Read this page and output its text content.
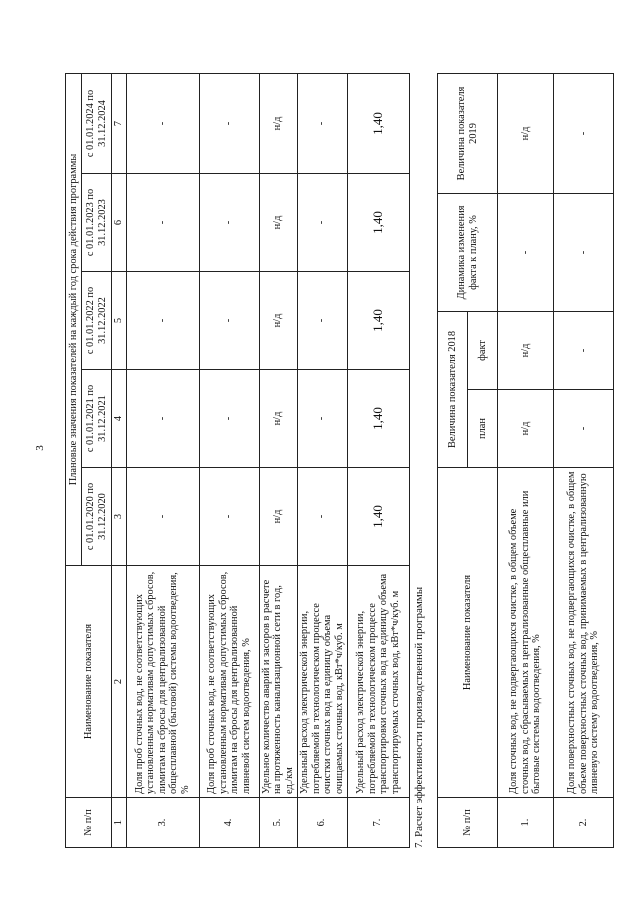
3
№ п/п	Наименование показателя	Плановые значения показателей на каждый год срока действия программы				
		с 01.01.2020 по 31.12.2020	с 01.01.2021 по 31.12.2021	с 01.01.2022 по 31.12.2022	с 01.01.2023 по 31.12.2023	с 01.01.2024 по 31.12.2024
1	2	3	4	5	6	7
3.	Доля проб сточных вод, не соответствующих установленным нормативам допустимых сбросов, лимитам на сбросы для централизованной общесплавной (бытовой) системы водоотведения, %	-	-	-	-	-
4.	Доля проб сточных вод, не соответствующих установленным нормативам допустимых сбросов, лимитам на сбросы для централизованной ливневой систем водоотведения, %	-	-	-	-	-
5.	Удельное количество аварий и засоров в расчете на протяженность канализационной сети в год, ед./км	н/д	н/д	н/д	н/д	н/д
6.	Удельный расход электрической энергии, потребляемой в технологическом процессе очистки сточных вод на единицу объема очищаемых сточных вод, кВт*ч/куб. м	-	-	-	-	-
7.	Удельный расход электрической энергии, потребляемой в технологическом процессе транспортировки сточных вод на единицу объема транспортируемых сточных вод, кВт*ч/куб. м	1,40	1,40	1,40	1,40	1,40
7. Расчет эффективности производственной программы	№ п/п	Наименование показателя	Величина показателя 2018		Динамика изменения факта к плану, %	Величина показателя 2019
		план	факт		
1.	Доля сточных вод, не подвергающихся очистке, в общем объеме сточных вод, сбрасываемых в централизованные общесплавные или бытовые системы водоотведения, %	н/д	н/д	-	н/д
2.	Доля поверхностных сточных вод, не подвергающихся очистке, в общем объеме поверхностных сточных вод, принимаемых в централизованную ливневую систему водоотведения, %	-	-	-	-
